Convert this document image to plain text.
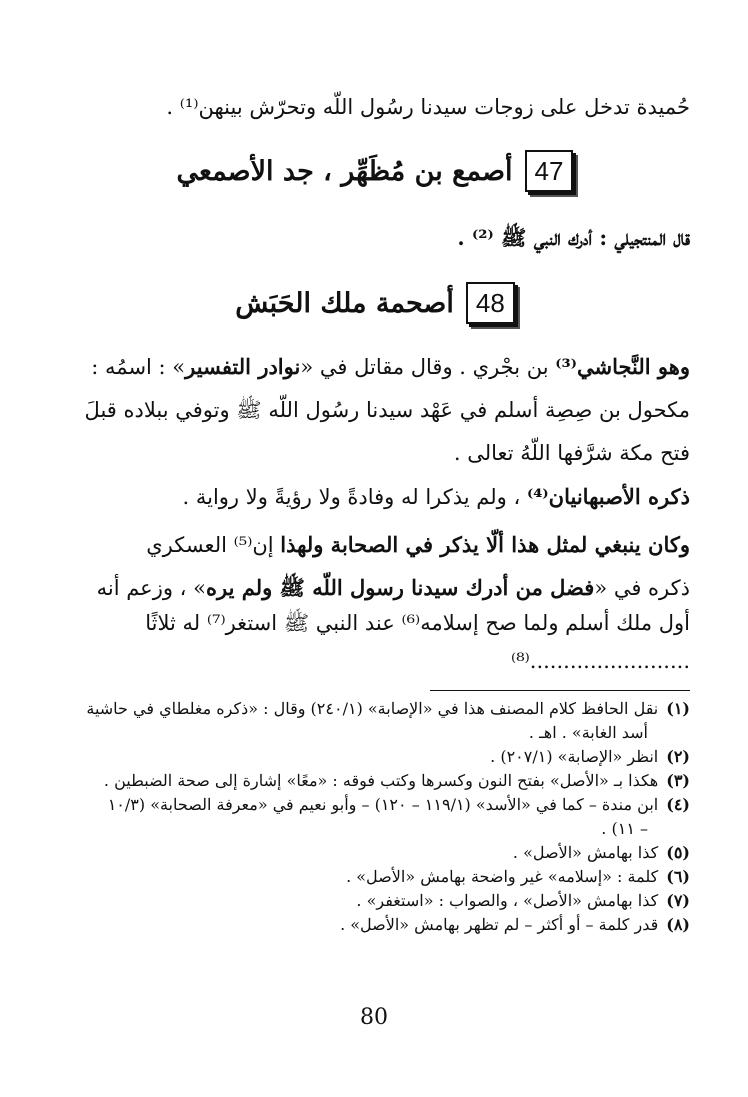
حُميدة تدخل على زوجات سيدنا رسُول اللّه وتحرّش بينهن⁽¹⁾ .
47
أصمع بن مُظَهِّر ، جد الأصمعي
قال المنتجيلي : أدرك النبي ﷺ ⁽²⁾ .
48
أصحمة ملك الحَبَش
وهو النَّجاشي⁽³⁾ بن بجْري . وقال مقاتل في «نوادر التفسير» : اسمُه :
مكحول بن صِصِة أسلم في عَهْد سيدنا رسُول اللّه ﷺ وتوفي ببلاده قبلَ
فتح مكة شرَّفها اللّهُ تعالى .
ذكره الأصبهانيان⁽⁴⁾ ، ولم يذكرا له وفادةً ولا رؤيةً ولا رواية .
وكان ينبغي لمثل هذا ألّا يذكر في الصحابة ولهذا إن⁽⁵⁾ العسكري
ذكره في «فضل من أدرك سيدنا رسول اللّه ﷺ ولم يره» ، وزعم أنه
أول ملك أسلم ولما صح إسلامه⁽⁶⁾ عند النبي ﷺ استغر⁽⁷⁾ له ثلاثًا
........................⁽⁸⁾
(١)نقل الحافظ كلام المصنف هذا في «الإصابة» (٢٤٠/١) وقال : «ذكره مغلطاي في حاشية
أسد الغابة» . اهـ .
(٢)انظر «الإصابة» (٢٠٧/١) .
(٣)هكذا بـ «الأصل» بفتح النون وكسرها وكتب فوقه : «معًا» إشارة إلى صحة الضبطين .
(٤)ابن مندة – كما في «الأسد» (١١٩/١ – ١٢٠) – وأبو نعيم في «معرفة الصحابة» (١٠/٣
– ١١) .
(٥)كذا بهامش «الأصل» .
(٦)كلمة : «إسلامه» غير واضحة بهامش «الأصل» .
(٧)كذا بهامش «الأصل» ، والصواب : «استغفر» .
(٨)قدر كلمة – أو أكثر – لم تظهر بهامش «الأصل» .
80
